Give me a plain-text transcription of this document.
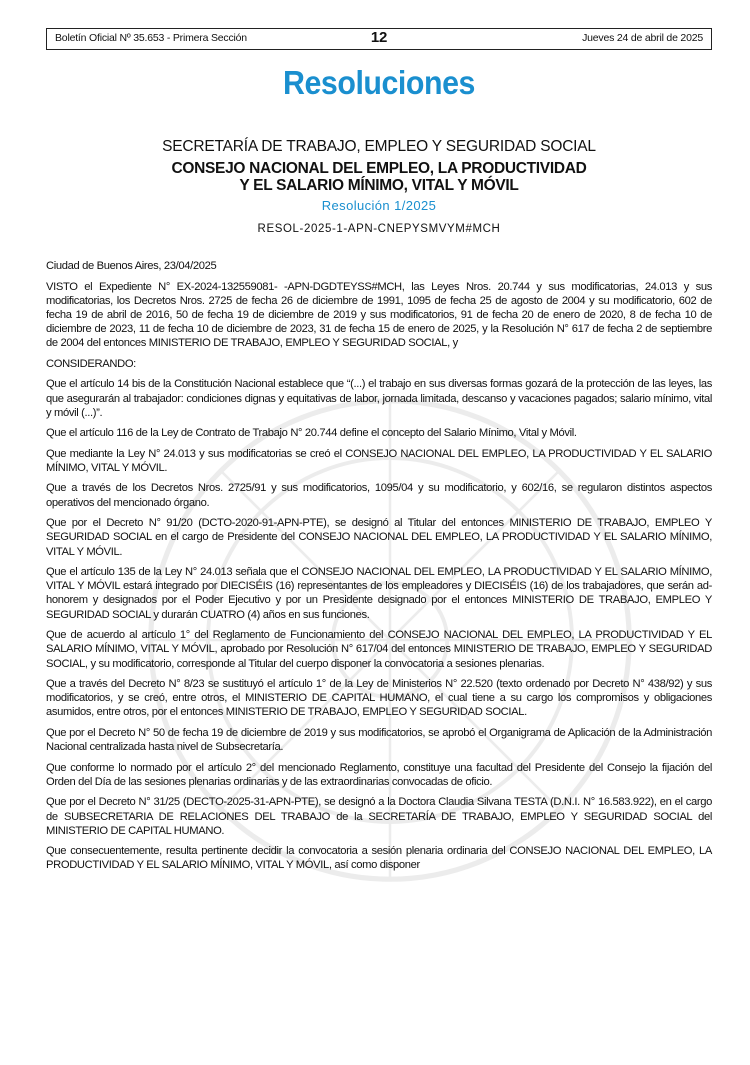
Boletín Oficial Nº 35.653 - Primera Sección	12	Jueves 24 de abril de 2025
Resoluciones
SECRETARÍA DE TRABAJO, EMPLEO Y SEGURIDAD SOCIAL
CONSEJO NACIONAL DEL EMPLEO, LA PRODUCTIVIDAD
Y EL SALARIO MÍNIMO, VITAL Y MÓVIL
Resolución 1/2025
RESOL-2025-1-APN-CNEPYSMVYM#MCH

Ciudad de Buenos Aires, 23/04/2025

VISTO el Expediente N° EX-2024-132559081- -APN-DGDTEYSS#MCH, las Leyes Nros. 20.744 y sus modificatorias, 24.013 y sus modificatorias, los Decretos Nros. 2725 de fecha 26 de diciembre de 1991, 1095 de fecha 25 de agosto de 2004 y su modificatorio, 602 de fecha 19 de abril de 2016, 50 de fecha 19 de diciembre de 2019 y sus modificatorios, 91 de fecha 20 de enero de 2020, 8 de fecha 10 de diciembre de 2023, 11 de fecha 10 de diciembre de 2023, 31 de fecha 15 de enero de 2025, y la Resolución N° 617 de fecha 2 de septiembre de 2004 del entonces MINISTERIO DE TRABAJO, EMPLEO Y SEGURIDAD SOCIAL, y

CONSIDERANDO:

Que el artículo 14 bis de la Constitución Nacional establece que “(...) el trabajo en sus diversas formas gozará de la protección de las leyes, las que asegurarán al trabajador: condiciones dignas y equitativas de labor, jornada limitada, descanso y vacaciones pagados; salario mínimo, vital y móvil (...)”.

Que el artículo 116 de la Ley de Contrato de Trabajo N° 20.744 define el concepto del Salario Mínimo, Vital y Móvil.

Que mediante la Ley N° 24.013 y sus modificatorias se creó el CONSEJO NACIONAL DEL EMPLEO, LA PRODUCTIVIDAD Y EL SALARIO MÍNIMO, VITAL Y MÓVIL.

Que a través de los Decretos Nros. 2725/91 y sus modificatorios, 1095/04 y su modificatorio, y 602/16, se regularon distintos aspectos operativos del mencionado órgano.

Que por el Decreto N° 91/20 (DCTO-2020-91-APN-PTE), se designó al Titular del entonces MINISTERIO DE TRABAJO, EMPLEO Y SEGURIDAD SOCIAL en el cargo de Presidente del CONSEJO NACIONAL DEL EMPLEO, LA PRODUCTIVIDAD Y EL SALARIO MÍNIMO, VITAL Y MÓVIL.

Que el artículo 135 de la Ley N° 24.013 señala que el CONSEJO NACIONAL DEL EMPLEO, LA PRODUCTIVIDAD Y EL SALARIO MÍNIMO, VITAL Y MÓVIL estará integrado por DIECISÉIS (16) representantes de los empleadores y DIECISÉIS (16) de los trabajadores, que serán ad-honorem y designados por el Poder Ejecutivo y por un Presidente designado por el entonces MINISTERIO DE TRABAJO, EMPLEO Y SEGURIDAD SOCIAL y durarán CUATRO (4) años en sus funciones.

Que de acuerdo al artículo 1° del Reglamento de Funcionamiento del CONSEJO NACIONAL DEL EMPLEO, LA PRODUCTIVIDAD Y EL SALARIO MÍNIMO, VITAL Y MÓVIL, aprobado por Resolución N° 617/04 del entonces MINISTERIO DE TRABAJO, EMPLEO Y SEGURIDAD SOCIAL, y su modificatorio, corresponde al Titular del cuerpo disponer la convocatoria a sesiones plenarias.

Que a través del Decreto N° 8/23 se sustituyó el artículo 1° de la Ley de Ministerios N° 22.520 (texto ordenado por Decreto N° 438/92) y sus modificatorios, y se creó, entre otros, el MINISTERIO DE CAPITAL HUMANO, el cual tiene a su cargo los compromisos y obligaciones asumidos, entre otros, por el entonces MINISTERIO DE TRABAJO, EMPLEO Y SEGURIDAD SOCIAL.

Que por el Decreto N° 50 de fecha 19 de diciembre de 2019 y sus modificatorios, se aprobó el Organigrama de Aplicación de la Administración Nacional centralizada hasta nivel de Subsecretaría.

Que conforme lo normado por el artículo 2° del mencionado Reglamento, constituye una facultad del Presidente del Consejo la fijación del Orden del Día de las sesiones plenarias ordinarias y de las extraordinarias convocadas de oficio.

Que por el Decreto N° 31/25 (DECTO-2025-31-APN-PTE), se designó a la Doctora Claudia Silvana TESTA (D.N.I. N° 16.583.922), en el cargo de SUBSECRETARIA DE RELACIONES DEL TRABAJO de la SECRETARÍA DE TRABAJO, EMPLEO Y SEGURIDAD SOCIAL del MINISTERIO DE CAPITAL HUMANO.

Que consecuentemente, resulta pertinente decidir la convocatoria a sesión plenaria ordinaria del CONSEJO NACIONAL DEL EMPLEO, LA PRODUCTIVIDAD Y EL SALARIO MÍNIMO, VITAL Y MÓVIL, así como disponer
